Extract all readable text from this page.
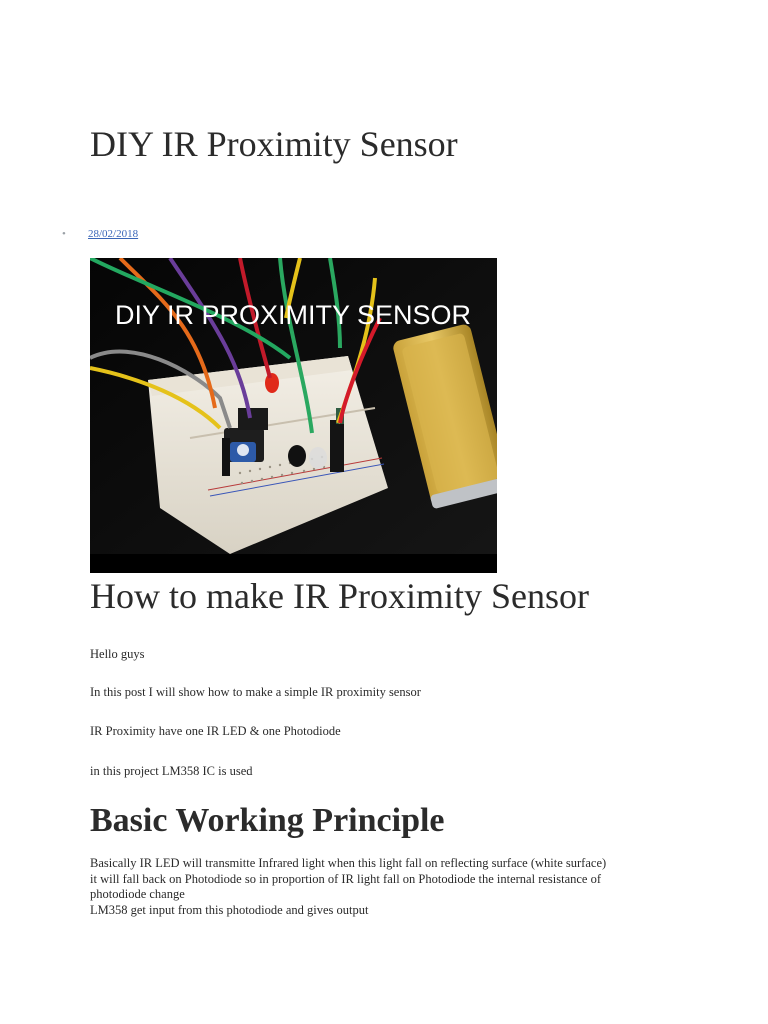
DIY IR Proximity Sensor
• 28/02/2018
DIY IR PROXIMITY SENSOR
How to make IR Proximity Sensor

Hello guys

In this post I will show how to make a simple IR proximity sensor

IR Proximity have one IR LED & one Photodiode

in this project LM358 IC is used

Basic Working Principle
Basically IR LED will transmitte Infrared light when this light fall on reflecting surface (white surface)
it will fall back on Photodiode so in proportion of IR light fall on Photodiode the internal resistance of
photodiode change
LM358 get input from this photodiode and gives output
